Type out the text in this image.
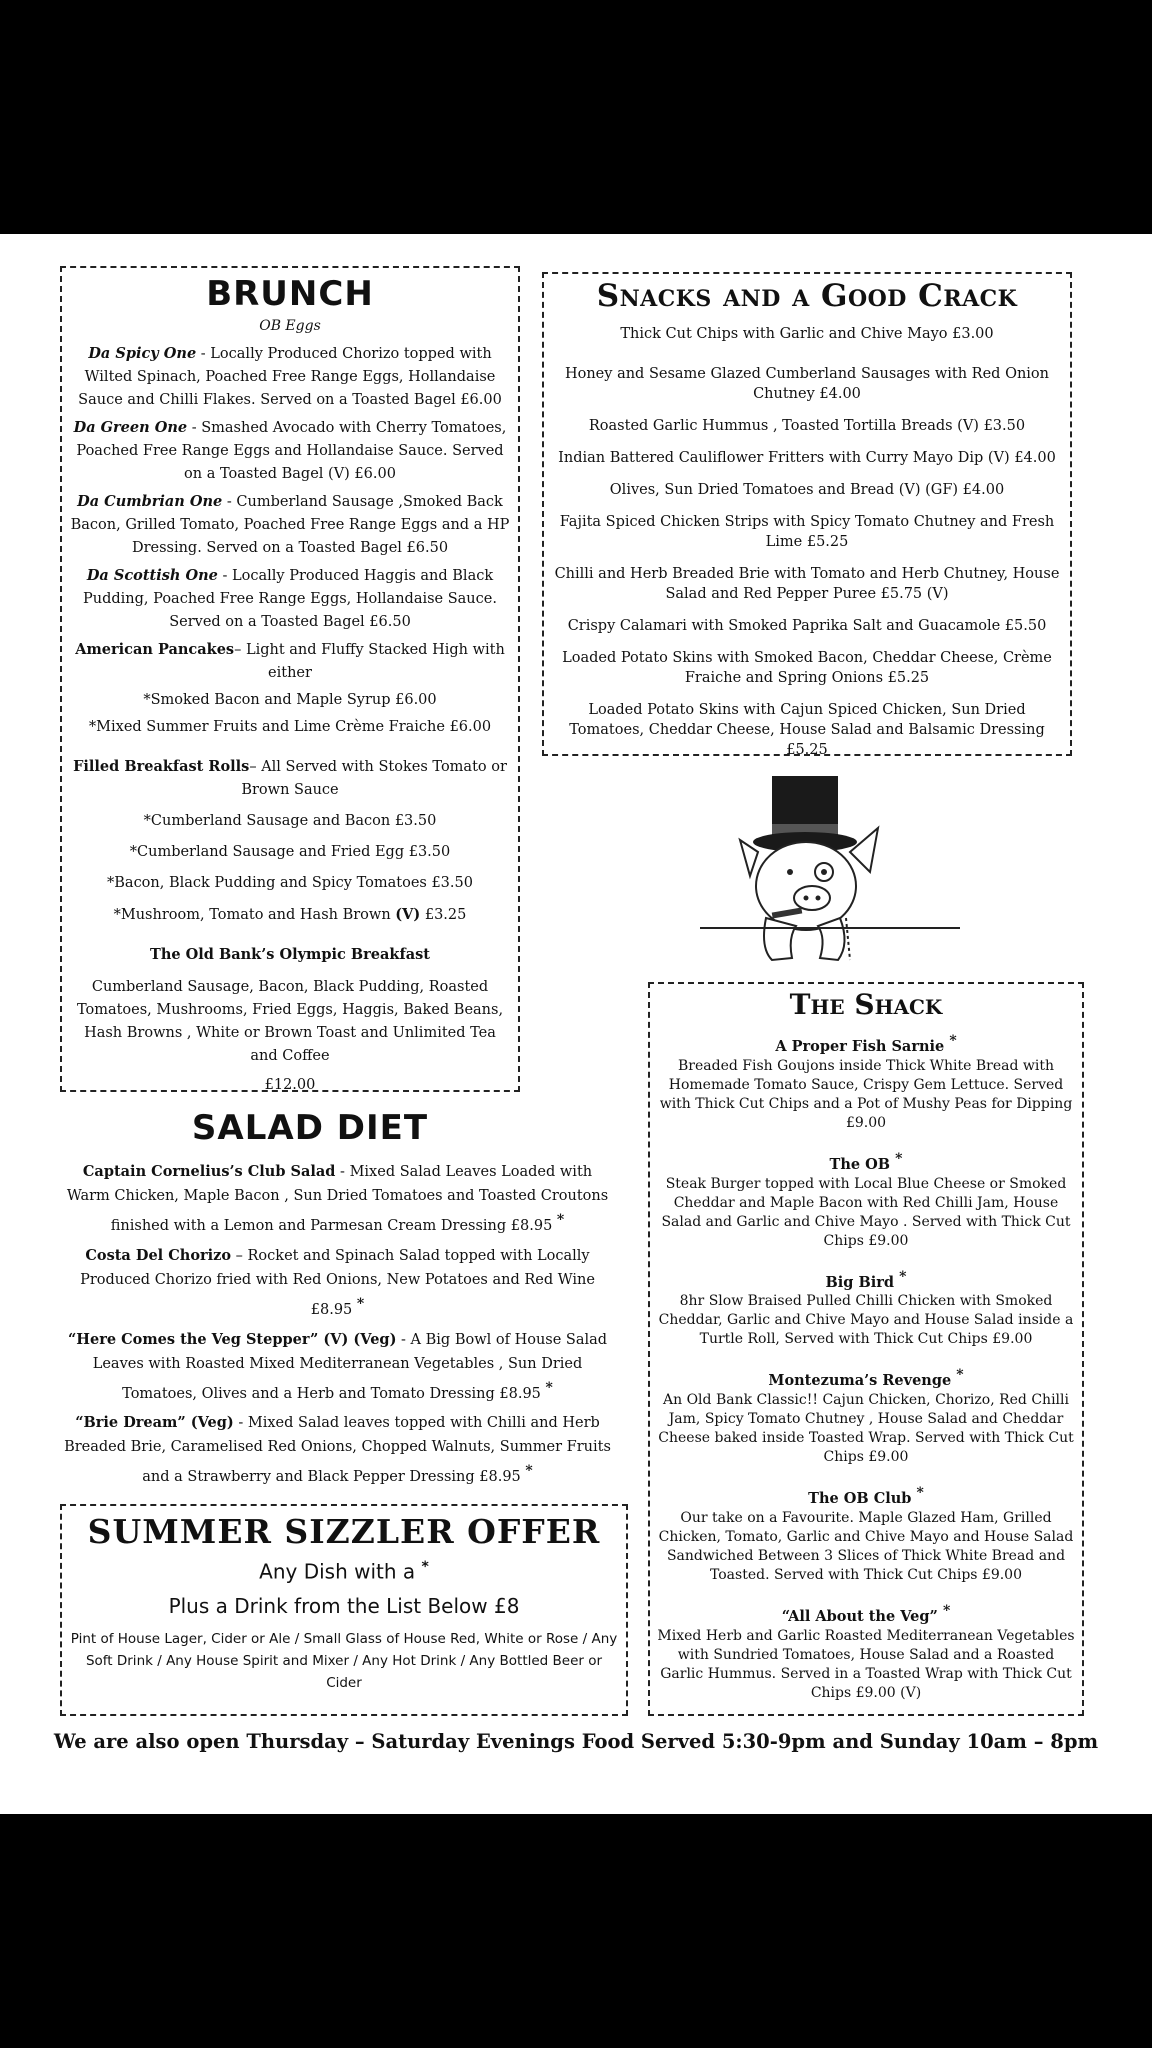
BRUNCH
OB Eggs
Da Spicy One - Locally Produced Chorizo topped with Wilted Spinach, Poached Free Range Eggs, Hollandaise Sauce and Chilli Flakes. Served on a Toasted Bagel £6.00
Da Green One - Smashed Avocado with Cherry Tomatoes, Poached Free Range Eggs and Hollandaise Sauce. Served on a Toasted Bagel (V) £6.00
Da Cumbrian One - Cumberland Sausage ,Smoked Back Bacon, Grilled Tomato, Poached Free Range Eggs and a HP Dressing. Served on a Toasted Bagel £6.50
Da Scottish One - Locally Produced Haggis and Black Pudding, Poached Free Range Eggs, Hollandaise Sauce. Served on a Toasted Bagel £6.50
American Pancakes– Light and Fluffy Stacked High with either
*Smoked Bacon and Maple Syrup £6.00
*Mixed Summer Fruits and Lime Crème Fraiche £6.00
Filled Breakfast Rolls– All Served with Stokes Tomato or Brown Sauce
*Cumberland Sausage and Bacon £3.50
*Cumberland Sausage and Fried Egg £3.50
*Bacon, Black Pudding and Spicy Tomatoes £3.50
*Mushroom, Tomato and Hash Brown (V) £3.25
The Old Bank’s Olympic Breakfast
Cumberland Sausage, Bacon, Black Pudding, Roasted Tomatoes, Mushrooms, Fried Eggs, Haggis, Baked Beans, Hash Browns , White or Brown Toast and Unlimited Tea and Coffee
£12.00
Snacks and a Good Crack
Thick Cut Chips with Garlic and Chive Mayo £3.00
Honey and Sesame Glazed Cumberland Sausages with Red Onion Chutney £4.00
Roasted Garlic Hummus , Toasted Tortilla Breads (V) £3.50
Indian Battered Cauliflower Fritters with Curry Mayo Dip (V) £4.00
Olives, Sun Dried Tomatoes and Bread (V) (GF) £4.00
Fajita Spiced Chicken Strips with Spicy Tomato Chutney and Fresh Lime £5.25
Chilli and Herb Breaded Brie with Tomato and Herb Chutney, House Salad and Red Pepper Puree £5.75 (V)
Crispy Calamari with Smoked Paprika Salt and Guacamole £5.50
Loaded Potato Skins with Smoked Bacon, Cheddar Cheese, Crème Fraiche and Spring Onions £5.25
Loaded Potato Skins with Cajun Spiced Chicken, Sun Dried Tomatoes, Cheddar Cheese, House Salad and Balsamic Dressing £5.25
The Shack
A Proper Fish Sarnie *
Breaded Fish Goujons inside Thick White Bread with Homemade Tomato Sauce, Crispy Gem Lettuce. Served with Thick Cut Chips and a Pot of Mushy Peas for Dipping £9.00
The OB *
Steak Burger topped with Local Blue Cheese or Smoked Cheddar and Maple Bacon with Red Chilli Jam, House Salad and Garlic and Chive Mayo . Served with Thick Cut Chips £9.00
Big Bird *
8hr Slow Braised Pulled Chilli Chicken with Smoked Cheddar, Garlic and Chive Mayo and House Salad inside a Turtle Roll, Served with Thick Cut Chips £9.00
Montezuma’s Revenge *
An Old Bank Classic!! Cajun Chicken, Chorizo, Red Chilli Jam, Spicy Tomato Chutney , House Salad and Cheddar Cheese baked inside Toasted Wrap. Served with Thick Cut Chips £9.00
The OB Club *
Our take on a Favourite. Maple Glazed Ham, Grilled Chicken, Tomato, Garlic and Chive Mayo and House Salad Sandwiched Between 3 Slices of Thick White Bread and Toasted. Served with Thick Cut Chips £9.00
“All About the Veg” *
Mixed Herb and Garlic Roasted Mediterranean Vegetables with Sundried Tomatoes, House Salad and a Roasted Garlic Hummus. Served in a Toasted Wrap with Thick Cut Chips £9.00 (V)
SALAD DIET
Captain Cornelius’s Club Salad - Mixed Salad Leaves Loaded with Warm Chicken, Maple Bacon , Sun Dried Tomatoes and Toasted Croutons finished with a Lemon and Parmesan Cream Dressing £8.95 *
Costa Del Chorizo – Rocket and Spinach Salad topped with Locally Produced Chorizo fried with Red Onions, New Potatoes and Red Wine £8.95 *
“Here Comes the Veg Stepper” (V) (Veg) - A Big Bowl of House Salad Leaves with Roasted Mixed Mediterranean Vegetables , Sun Dried Tomatoes, Olives and a Herb and Tomato Dressing £8.95 *
“Brie Dream” (Veg) - Mixed Salad leaves topped with Chilli and Herb Breaded Brie, Caramelised Red Onions, Chopped Walnuts, Summer Fruits and a Strawberry and Black Pepper Dressing £8.95 *
SUMMER SIZZLER OFFER
Any Dish with a *
Plus a Drink from the List Below £8
Pint of House Lager, Cider or Ale / Small Glass of House Red, White or Rose / Any Soft Drink / Any House Spirit and Mixer / Any Hot Drink / Any Bottled Beer or Cider
We are also open Thursday – Saturday Evenings Food Served 5:30-9pm and Sunday 10am – 8pm
